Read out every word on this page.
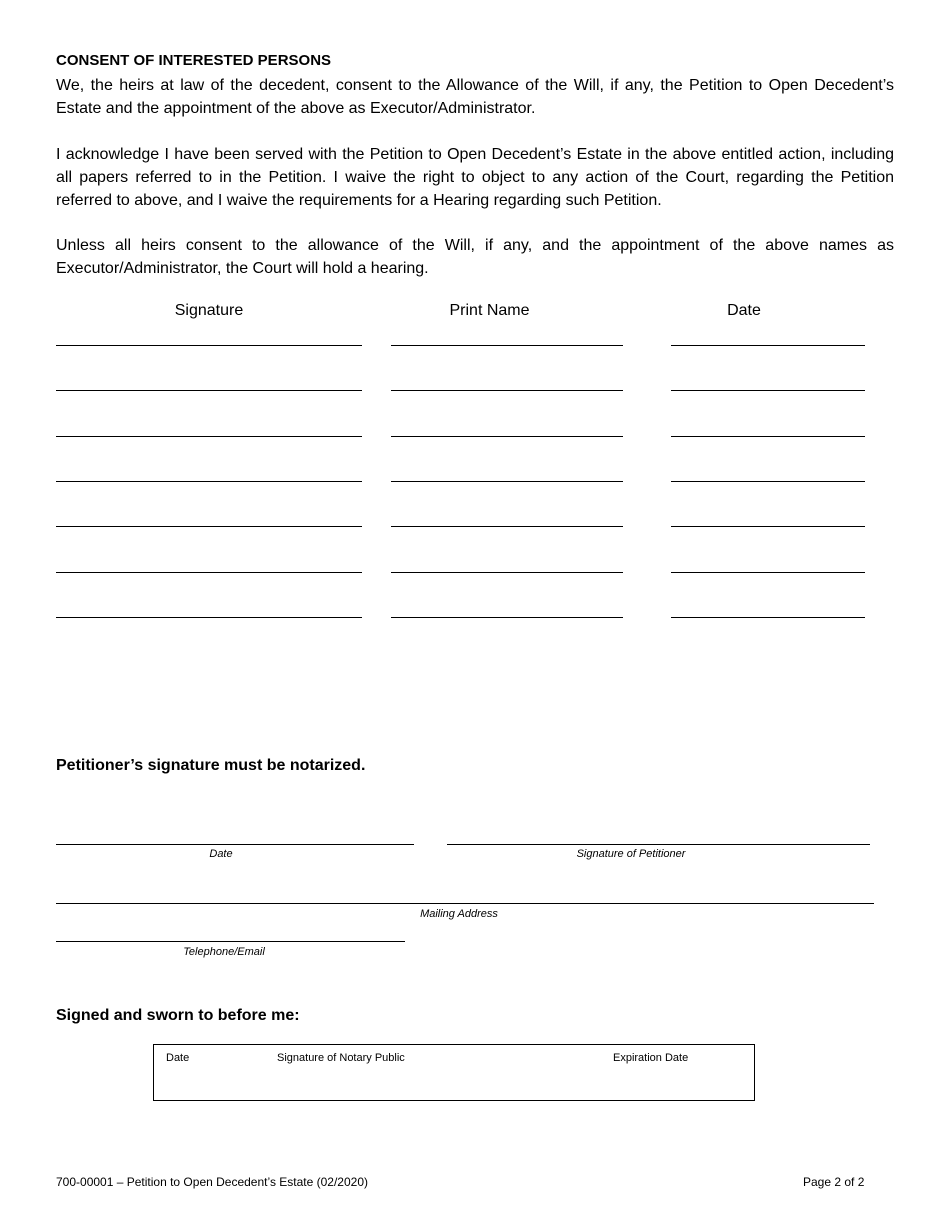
CONSENT OF INTERESTED PERSONS
We, the heirs at law of the decedent, consent to the Allowance of the Will, if any, the Petition to Open Decedent’s Estate and the appointment of the above as Executor/Administrator.
I acknowledge I have been served with the Petition to Open Decedent’s Estate in the above entitled action, including all papers referred to in the Petition. I waive the right to object to any action of the Court, regarding the Petition referred to above, and I waive the requirements for a Hearing regarding such Petition.
Unless all heirs consent to the allowance of the Will, if any, and the appointment of the above names as Executor/Administrator, the Court will hold a hearing.
Signature	Print Name	Date
Petitioner’s signature must be notarized.
Date	Signature of Petitioner
Mailing Address
Telephone/Email
Signed and sworn to before me:
Date	Signature of Notary Public	Expiration Date
700-00001 – Petition to Open Decedent’s Estate (02/2020)	Page 2 of 2
